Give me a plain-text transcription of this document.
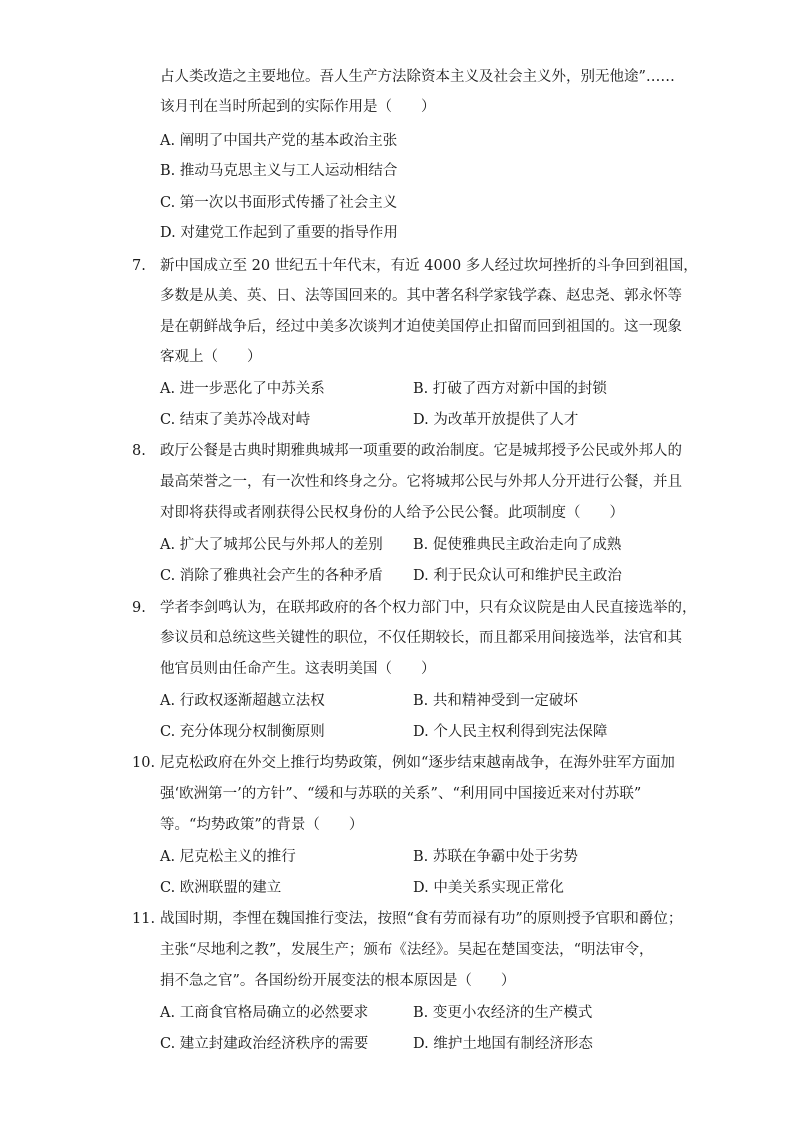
占人类改造之主要地位。吾人生产方法除资本主义及社会主义外，别无他途”……
该月刊在当时所起到的实际作用是（　　）
A. 阐明了中国共产党的基本政治主张
B. 推动马克思主义与工人运动相结合
C. 第一次以书面形式传播了社会主义
D. 对建党工作起到了重要的指导作用
7. 新中国成立至 20 世纪五十年代末，有近 4000 多人经过坎坷挫折的斗争回到祖国，
多数是从美、英、日、法等国回来的。其中著名科学家钱学森、赵忠尧、郭永怀等
是在朝鲜战争后，经过中美多次谈判才迫使美国停止扣留而回到祖国的。这一现象
客观上（　　）
A. 进一步恶化了中苏关系	B. 打破了西方对新中国的封锁
C. 结束了美苏冷战对峙	D. 为改革开放提供了人才
8. 政厅公餐是古典时期雅典城邦一项重要的政治制度。它是城邦授予公民或外邦人的
最高荣誉之一，有一次性和终身之分。它将城邦公民与外邦人分开进行公餐，并且
对即将获得或者刚获得公民权身份的人给予公民公餐。此项制度（　　）
A. 扩大了城邦公民与外邦人的差别 B. 促使雅典民主政治走向了成熟
C. 消除了雅典社会产生的各种矛盾 D. 利于民众认可和维护民主政治
9. 学者李剑鸣认为，在联邦政府的各个权力部门中，只有众议院是由人民直接选举的，
参议员和总统这些关键性的职位，不仅任期较长，而且都采用间接选举，法官和其
他官员则由任命产生。这表明美国（　　）
A. 行政权逐渐超越立法权	B. 共和精神受到一定破坏
C. 充分体现分权制衡原则	D. 个人民主权利得到宪法保障
10. 尼克松政府在外交上推行均势政策，例如“逐步结束越南战争，在海外驻军方面加
强‘欧洲第一’的方针”、“缓和与苏联的关系”、“利用同中国接近来对付苏联”
等。“均势政策”的背景（　　）
A. 尼克松主义的推行	B. 苏联在争霸中处于劣势
C. 欧洲联盟的建立	D. 中美关系实现正常化
11. 战国时期，李悝在魏国推行变法，按照“食有劳而禄有功”的原则授予官职和爵位；
主张“尽地利之教”，发展生产；颁布《法经》。吴起在楚国变法，“明法审令，
捐不急之官”。各国纷纷开展变法的根本原因是（　　）
A. 工商食官格局确立的必然要求	B. 变更小农经济的生产模式
C. 建立封建政治经济秩序的需要	D. 维护土地国有制经济形态
